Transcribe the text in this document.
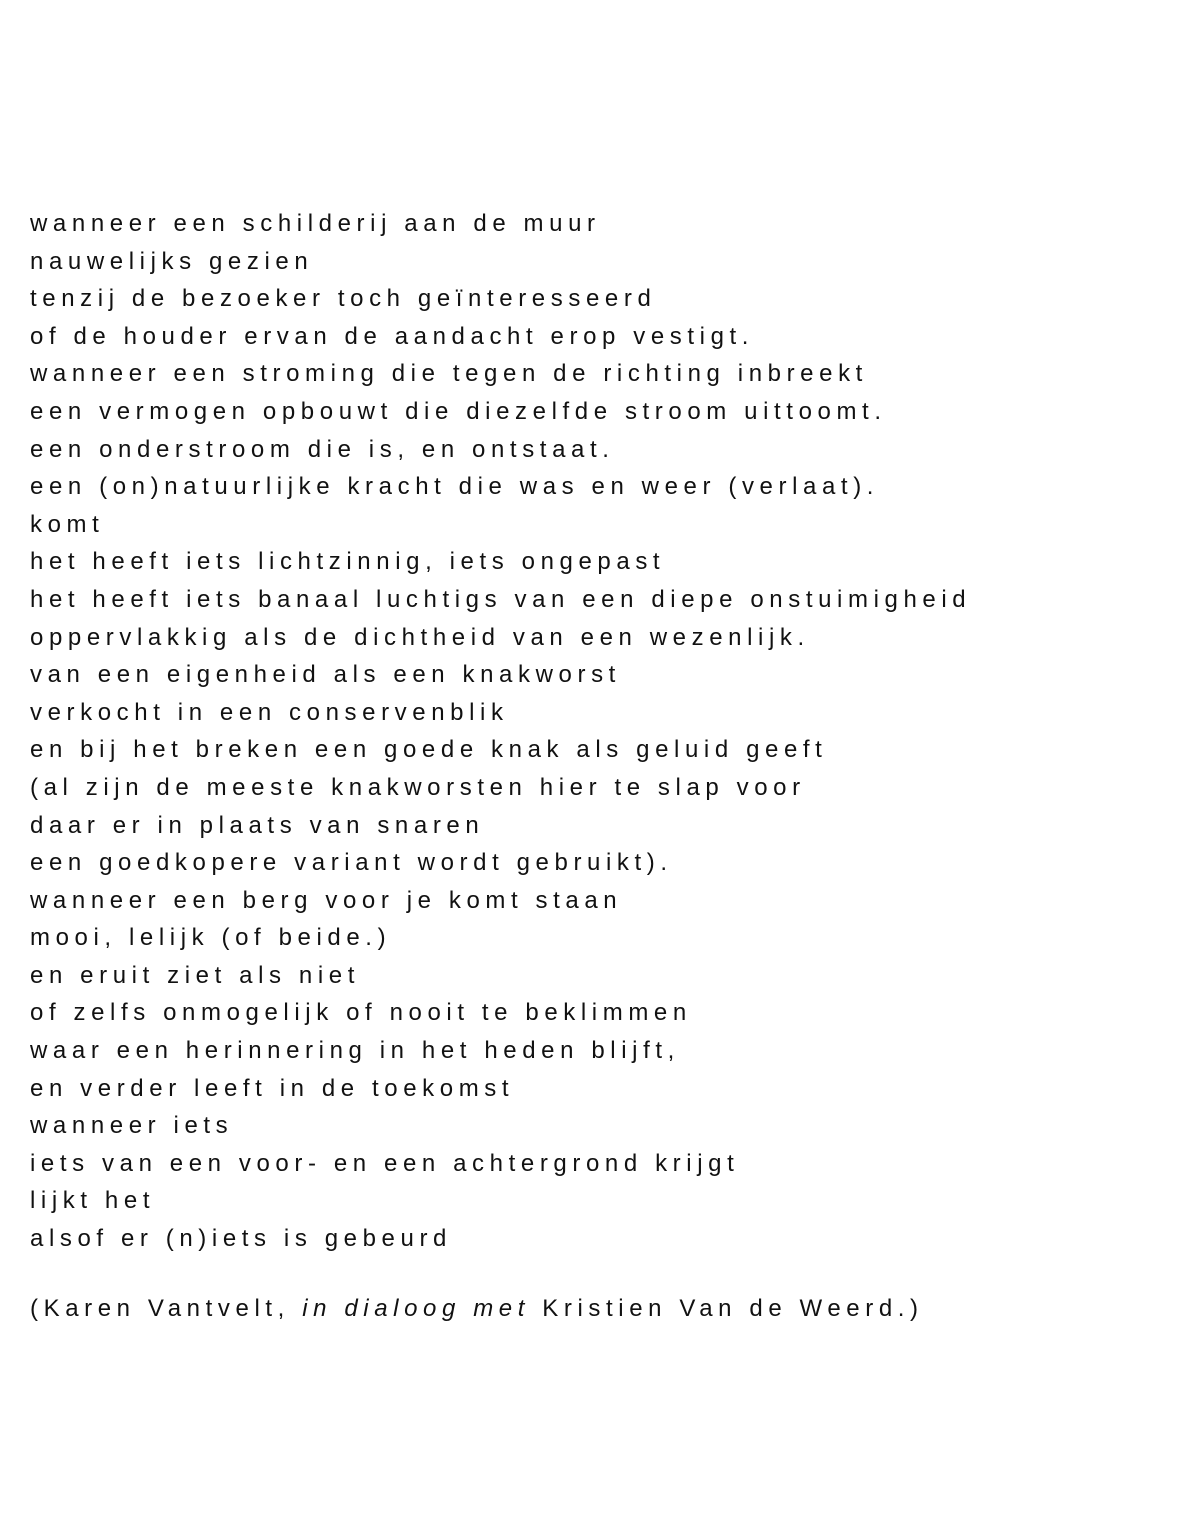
wanneer een schilderij aan de muur
nauwelijks gezien
tenzij de bezoeker toch geïnteresseerd
of de houder ervan de aandacht erop vestigt.
wanneer een stroming die tegen de richting inbreekt
een vermogen opbouwt die diezelfde stroom uittoomt.
een onderstroom die is, en ontstaat.
een (on)natuurlijke kracht die was en weer (verlaat).
komt
het heeft iets lichtzinnig, iets ongepast
het heeft iets banaal luchtigs van een diepe onstuimigheid
oppervlakkig als de dichtheid van een wezenlijk.
van een eigenheid als een knakworst
verkocht in een conservenblik
en bij het breken een goede knak als geluid geeft
(al zijn de meeste knakworsten hier te slap voor
daar er in plaats van snaren
een goedkopere variant wordt gebruikt).
wanneer een berg voor je komt staan
mooi, lelijk (of beide.)
en eruit ziet als niet
of zelfs onmogelijk of nooit te beklimmen
waar een herinnering in het heden blijft,
en verder leeft in de toekomst
wanneer iets
iets van een voor- en een achtergrond krijgt
lijkt het
alsof er (n)iets is gebeurd
(Karen Vantvelt, in dialoog met Kristien Van de Weerd.)
